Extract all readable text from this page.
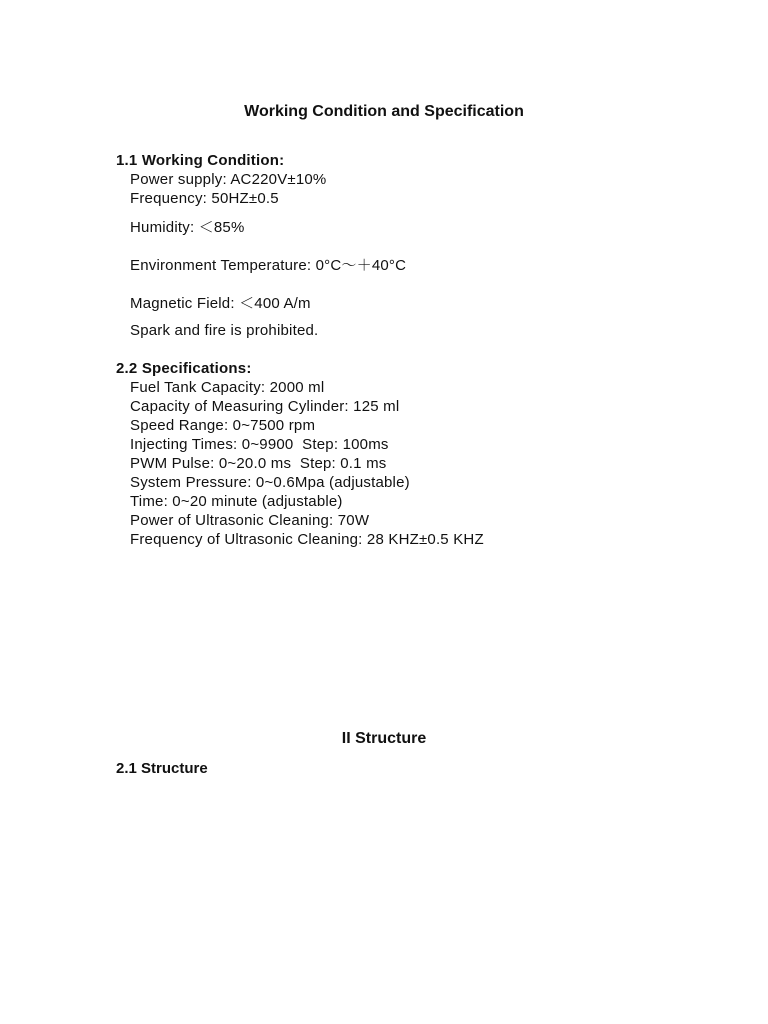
Working Condition and Specification
1.1 Working Condition:
Power supply: AC220V±10%
Frequency: 50HZ±0.5
Humidity: ＜85%
Environment Temperature: 0°C～＋40°C
Magnetic Field: ＜400 A/m
Spark and fire is prohibited.
2.2 Specifications:
Fuel Tank Capacity: 2000 ml
Capacity of Measuring Cylinder: 125 ml
Speed Range: 0~7500 rpm
Injecting Times: 0~9900  Step: 100ms
PWM Pulse: 0~20.0 ms  Step: 0.1 ms
System Pressure: 0~0.6Mpa (adjustable)
Time: 0~20 minute (adjustable)
Power of Ultrasonic Cleaning: 70W
Frequency of Ultrasonic Cleaning: 28 KHZ±0.5 KHZ
II Structure
2.1 Structure
